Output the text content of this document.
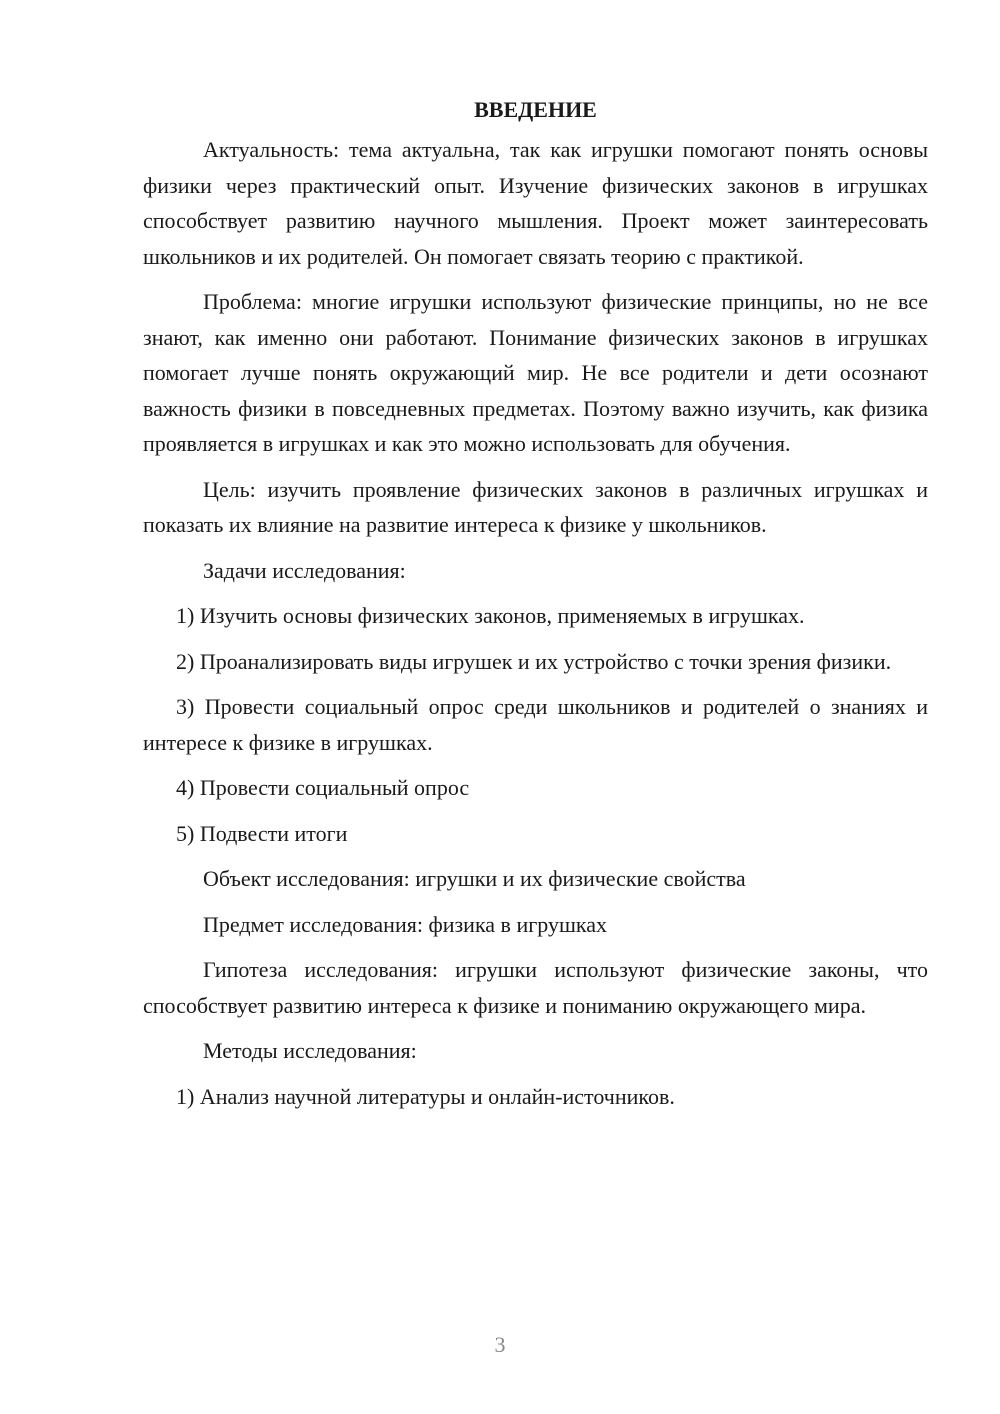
ВВЕДЕНИЕ

Актуальность: тема актуальна, так как игрушки помогают понять основы физики через практический опыт. Изучение физических законов в игрушках способствует развитию научного мышления. Проект может заинтересовать школьников и их родителей. Он помогает связать теорию с практикой.

Проблема: многие игрушки используют физические принципы, но не все знают, как именно они работают. Понимание физических законов в игрушках помогает лучше понять окружающий мир. Не все родители и дети осознают важность физики в повседневных предметах. Поэтому важно изучить, как физика проявляется в игрушках и как это можно использовать для обучения.

Цель: изучить проявление физических законов в различных игрушках и показать их влияние на развитие интереса к физике у школьников.

Задачи исследования:

1) Изучить основы физических законов, применяемых в игрушках.

2) Проанализировать виды игрушек и их устройство с точки зрения физики.

3) Провести социальный опрос среди школьников и родителей о знаниях и интересе к физике в игрушках.

4) Провести социальный опрос

5) Подвести итоги

Объект исследования: игрушки и их физические свойства

Предмет исследования: физика в игрушках

Гипотеза исследования: игрушки используют физические законы, что способствует развитию интереса к физике и пониманию окружающего мира.

Методы исследования:

1) Анализ научной литературы и онлайн-источников.

3
